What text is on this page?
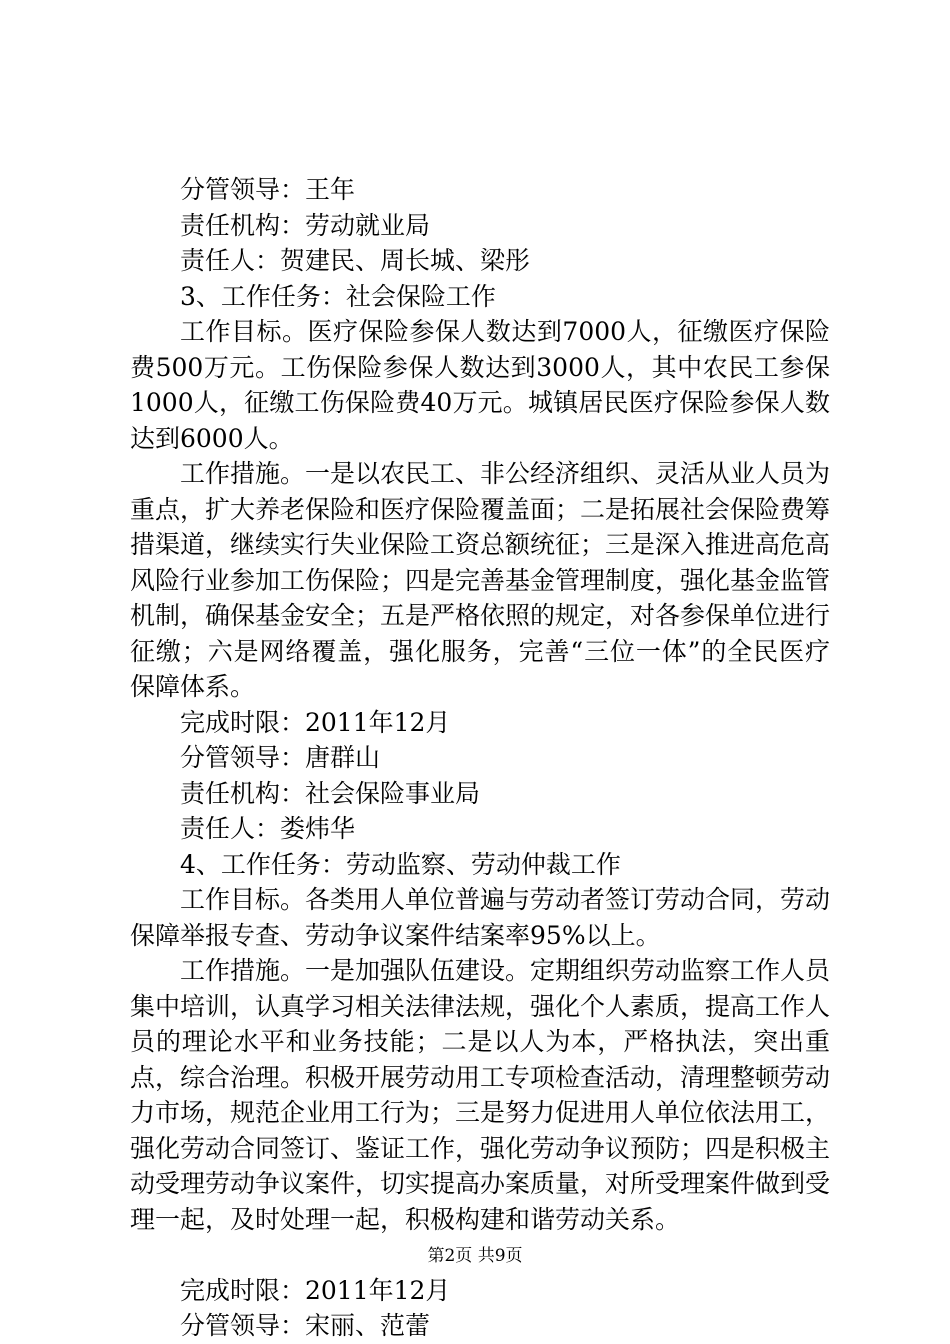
分管领导：王年
责任机构：劳动就业局
责任人：贺建民、周长城、梁彤
3、工作任务：社会保险工作

工作目标。医疗保险参保人数达到7000人，征缴医疗保险费500万元。工伤保险参保人数达到3000人，其中农民工参保1000人，征缴工伤保险费40万元。城镇居民医疗保险参保人数达到6000人。

工作措施。一是以农民工、非公经济组织、灵活从业人员为重点，扩大养老保险和医疗保险覆盖面；二是拓展社会保险费筹措渠道，继续实行失业保险工资总额统征；三是深入推进高危高风险行业参加工伤保险；四是完善基金管理制度，强化基金监管机制，确保基金安全；五是严格依照的规定，对各参保单位进行征缴；六是网络覆盖，强化服务，完善“三位一体”的全民医疗保障体系。

完成时限：2011年12月
分管领导：唐群山
责任机构：社会保险事业局
责任人：娄炜华
4、工作任务：劳动监察、劳动仲裁工作

工作目标。各类用人单位普遍与劳动者签订劳动合同，劳动保障举报专查、劳动争议案件结案率95%以上。

工作措施。一是加强队伍建设。定期组织劳动监察工作人员集中培训，认真学习相关法律法规，强化个人素质，提高工作人员的理论水平和业务技能；二是以人为本，严格执法，突出重点，综合治理。积极开展劳动用工专项检查活动，清理整顿劳动力市场，规范企业用工行为；三是努力促进用人单位依法用工，强化劳动合同签订、鉴证工作，强化劳动争议预防；四是积极主动受理劳动争议案件，切实提高办案质量，对所受理案件做到受理一起，及时处理一起，积极构建和谐劳动关系。

完成时限：2011年12月
分管领导：宋丽、范蕾
第2页 共9页
